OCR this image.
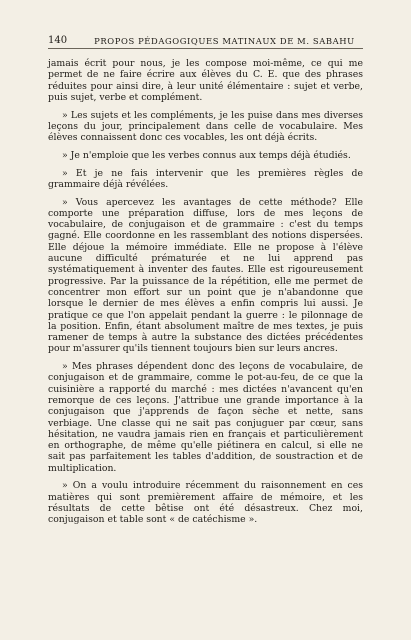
140	PROPOS PÉDAGOGIQUES MATINAUX DE M. SABAHU

jamais écrit pour nous, je les compose moi-même, ce qui me permet de ne faire écrire aux élèves du C. E. que des phrases réduites pour ainsi dire, à leur unité élémentaire : sujet et verbe, puis sujet, verbe et complément.

» Les sujets et les compléments, je les puise dans mes diverses leçons du jour, principalement dans celle de vocabulaire. Mes élèves connaissent donc ces vocables, les ont déjà écrits.

» Je n'emploie que les verbes connus aux temps déjà étudiés.

» Et je ne fais intervenir que les premières règles de grammaire déjà révélées.

» Vous apercevez les avantages de cette méthode? Elle comporte une préparation diffuse, lors de mes leçons de vocabulaire, de conjugaison et de grammaire : c'est du temps gagné. Elle coordonne en les rassemblant des notions dispersées. Elle déjoue la mémoire immédiate. Elle ne propose à l'élève aucune difficulté prématurée et ne lui apprend pas systématiquement à inventer des fautes. Elle est rigoureusement progressive. Par la puissance de la répétition, elle me permet de concentrer mon effort sur un point que je n'abandonne que lorsque le dernier de mes élèves a enfin compris lui aussi. Je pratique ce que l'on appelait pendant la guerre : le pilonnage de la position. Enfin, étant absolument maître de mes textes, je puis ramener de temps à autre la substance des dictées précédentes pour m'assurer qu'ils tiennent toujours bien sur leurs ancres.

» Mes phrases dépendent donc des leçons de vocabulaire, de conjugaison et de grammaire, comme le pot-au-feu, de ce que la cuisinière a rapporté du marché : mes dictées n'avancent qu'en remorque de ces leçons. J'attribue une grande importance à la conjugaison que j'apprends de façon sèche et nette, sans verbiage. Une classe qui ne sait pas conjuguer par cœur, sans hésitation, ne vaudra jamais rien en français et particulièrement en orthographe, de même qu'elle piétinera en calcul, si elle ne sait pas parfaitement les tables d'addition, de soustraction et de multiplication.

» On a voulu introduire récemment du raisonnement en ces matières qui sont premièrement affaire de mémoire, et les résultats de cette bêtise ont été désastreux. Chez moi, conjugaison et table sont « de catéchisme ».
